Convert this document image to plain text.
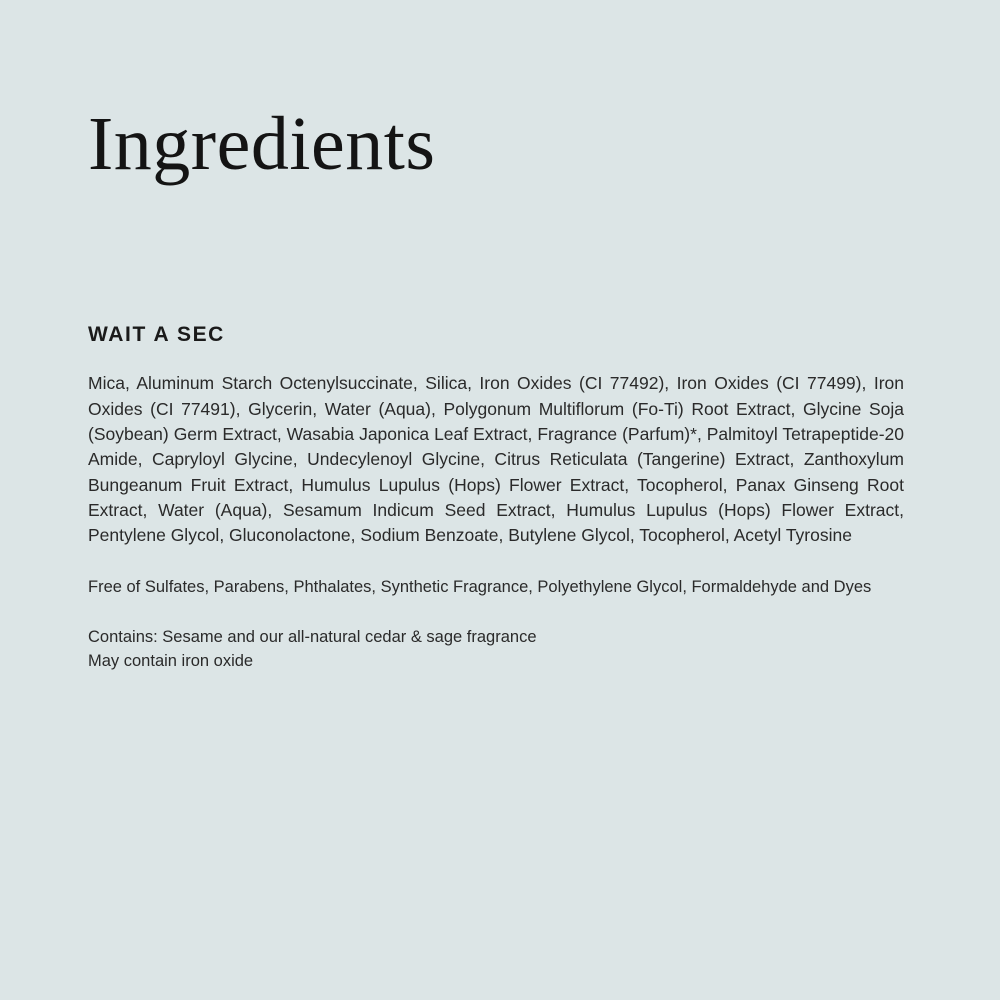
Ingredients
WAIT A SEC

Mica, Aluminum Starch Octenylsuccinate, Silica, Iron Oxides (CI 77492), Iron Oxides (CI 77499), Iron Oxides (CI 77491), Glycerin, Water (Aqua), Polygonum Multiflorum (Fo-Ti) Root Extract, Glycine Soja (Soybean) Germ Extract, Wasabia Japonica Leaf Extract, Fragrance (Parfum)*, Palmitoyl Tetrapeptide-20 Amide, Capryloyl Glycine, Undecylenoyl Glycine, Citrus Reticulata (Tangerine) Extract, Zanthoxylum Bungeanum Fruit Extract, Humulus Lupulus (Hops) Flower Extract, Tocopherol, Panax Ginseng Root Extract, Water (Aqua), Sesamum Indicum Seed Extract, Humulus Lupulus (Hops) Flower Extract, Pentylene Glycol, Gluconolactone, Sodium Benzoate, Butylene Glycol, Tocopherol, Acetyl Tyrosine

Free of Sulfates, Parabens, Phthalates, Synthetic Fragrance, Polyethylene Glycol, Formaldehyde and Dyes

Contains: Sesame and our all-natural cedar & sage fragrance

May contain iron oxide
